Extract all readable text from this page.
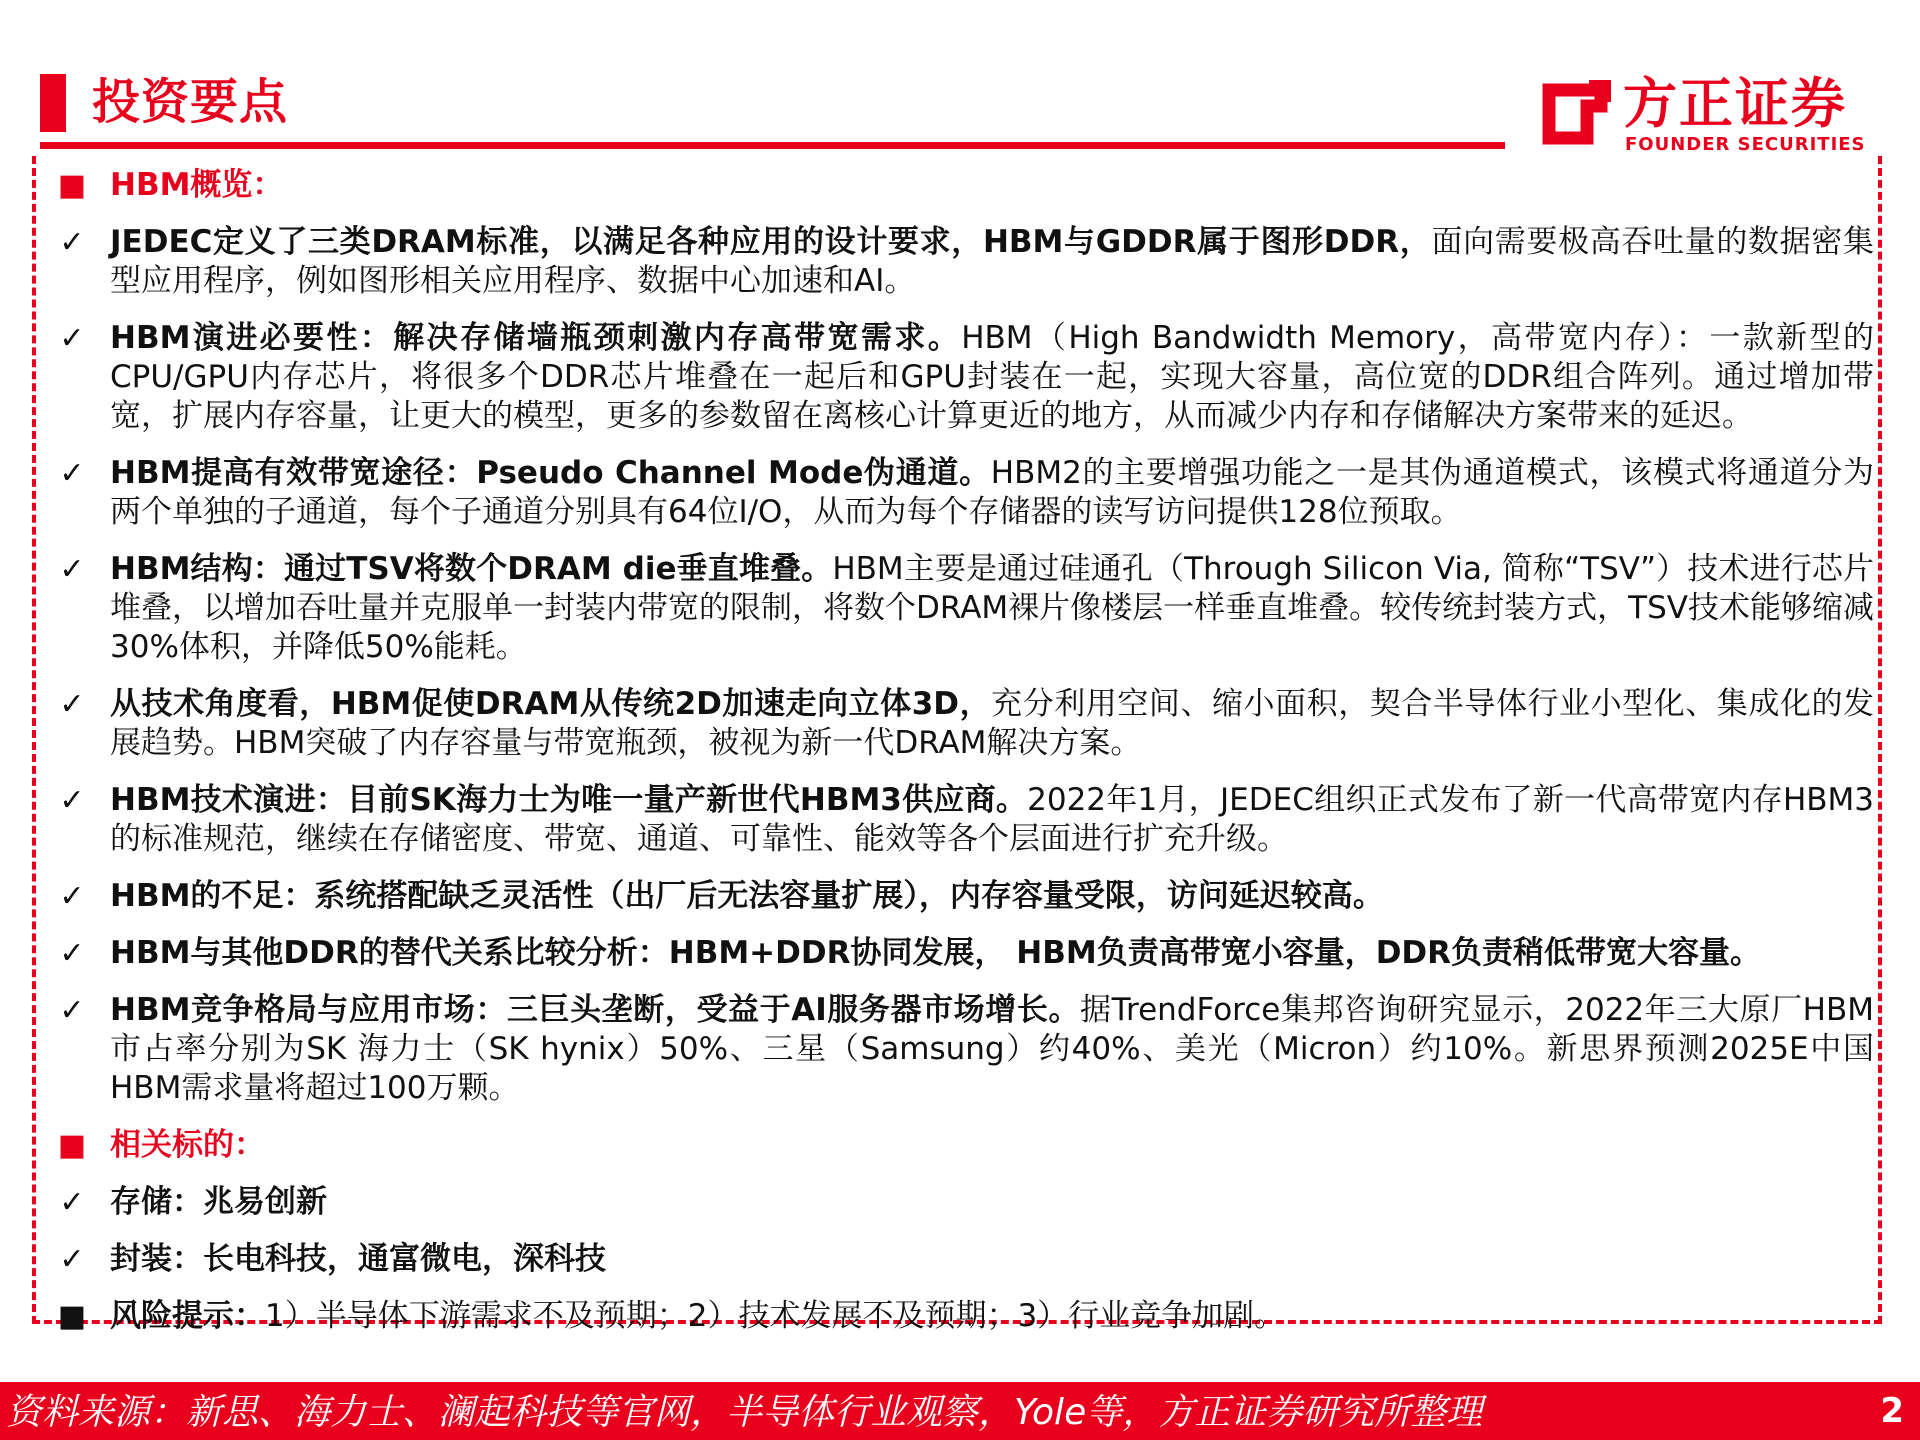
投资要点	方正证券
FOUNDER SECURITIES
■ HBM概览：
✓ JEDEC定义了三类DRAM标准，以满足各种应用的设计要求，HBM与GDDR属于图形DDR，面向需要极高吞吐量的数据密集型应用程序，例如图形相关应用程序、数据中心加速和AI。
✓ HBM演进必要性：解决存储墙瓶颈刺激内存高带宽需求。HBM（High Bandwidth Memory，高带宽内存）：一款新型的CPU/GPU内存芯片，将很多个DDR芯片堆叠在一起后和GPU封装在一起，实现大容量，高位宽的DDR组合阵列。通过增加带宽，扩展内存容量，让更大的模型，更多的参数留在离核心计算更近的地方，从而减少内存和存储解决方案带来的延迟。
✓ HBM提高有效带宽途径：Pseudo Channel Mode伪通道。HBM2的主要增强功能之一是其伪通道模式，该模式将通道分为两个单独的子通道，每个子通道分别具有64位I/O，从而为每个存储器的读写访问提供128位预取。
✓ HBM结构：通过TSV将数个DRAM die垂直堆叠。HBM主要是通过硅通孔（Through Silicon Via, 简称“TSV”）技术进行芯片堆叠，以增加吞吐量并克服单一封装内带宽的限制，将数个DRAM裸片像楼层一样垂直堆叠。较传统封装方式，TSV技术能够缩减30%体积，并降低50%能耗。
✓ 从技术角度看，HBM促使DRAM从传统2D加速走向立体3D，充分利用空间、缩小面积，契合半导体行业小型化、集成化的发展趋势。HBM突破了内存容量与带宽瓶颈，被视为新一代DRAM解决方案。
✓ HBM技术演进：目前SK海力士为唯一量产新世代HBM3供应商。2022年1月，JEDEC组织正式发布了新一代高带宽内存HBM3的标准规范，继续在存储密度、带宽、通道、可靠性、能效等各个层面进行扩充升级。
✓ HBM的不足：系统搭配缺乏灵活性（出厂后无法容量扩展），内存容量受限，访问延迟较高。
✓ HBM与其他DDR的替代关系比较分析：HBM+DDR协同发展， HBM负责高带宽小容量，DDR负责稍低带宽大容量。
✓ HBM竞争格局与应用市场：三巨头垄断，受益于AI服务器市场增长。据TrendForce集邦咨询研究显示，2022年三大原厂HBM市占率分别为SK 海力士（SK hynix）50%、三星（Samsung）约40%、美光（Micron）约10%。新思界预测2025E中国HBM需求量将超过100万颗。
■ 相关标的：
✓ 存储：兆易创新
✓ 封装：长电科技，通富微电，深科技
■ 风险提示：1）半导体下游需求不及预期；2）技术发展不及预期；3）行业竞争加剧。
资料来源：新思、海力士、澜起科技等官网，半导体行业观察，Yole等，方正证券研究所整理	2
